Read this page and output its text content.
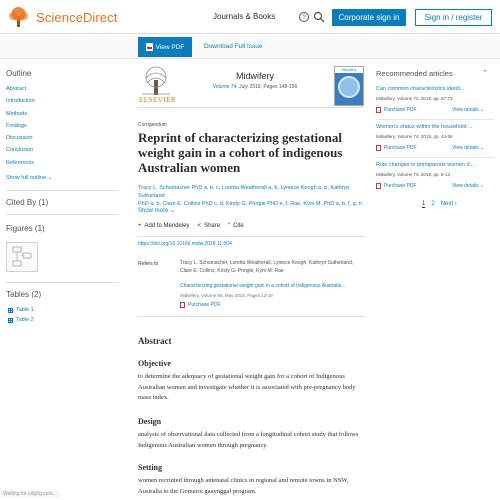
ScienceDirect	Journals & Books	?	Corporate sign in	Sign in / register
View PDF	Download Full Issue
Outline
Abstract
Introduction
Methods
Findings
Discussion
Conclusion
References
Show full outline ⌄
Cited By (1)
Figures (1)
Tables (2)
Table 1
Table 2
ELSEVIER
Midwifery
Volume 74, July 2019, Pages 148-156
Midwifery
Corrigendum
Reprint of characterizing gestational weight gain in a cohort of indigenous Australian women
Tracy L. Schumacher PhD a, b, c, Loretta Weatherall a, b, Lyniece Keogh a, b, Kathryn Sutherland
PhD a, b, Clare E. Collins PhD c, d, Kirsty G. Pringle PhD e, f, Rae, Kym M. PhD a, b, f, g, h
Show more ⌄
+ Add to Mendeley < Share “ Cite
https://doi.org/10.1016/j.midw.2018.11.004
Refers to	Tracy L. Schumacher, Loretta Weatherall, Lyniece Keogh, Kathryn Sutherland, Clare E. Collins, Kirsty G. Pringle, Kym M. Rae
Characterizing gestational weight gain in a cohort of Indigenous Australia...
Midwifery, Volume 60, May 2018, Pages 13-19
Purchase PDF
Abstract
Objective

to determine the adequacy of gestational weight gain for a cohort of Indigenous Australian women and investigate whether it is associated with pre-pregnancy body mass index.

Design

analysis of observational data collected from a longitudinal cohort study that follows Indigenous Australian women through pregnancy.

Setting

women recruited through antenatal clinics in regional and remote towns in NSW, Australia to the Gomeroi gaaynggal program.

Recommended articles	⌃
Can common characteristics identi...
Midwifery, Volume 72, 2019, pp. 67-73
Purchase PDF	View details ⌄
Women's status within the household ...
Midwifery, Volume 74, 2019, pp. 44-56
Purchase PDF	View details ⌄
Role changes in primiparous women d...
Midwifery, Volume 74, 2019, pp. 6-13
Purchase PDF	View details ⌄
1 2 Next ›
Waiting for cdg9g.com...
